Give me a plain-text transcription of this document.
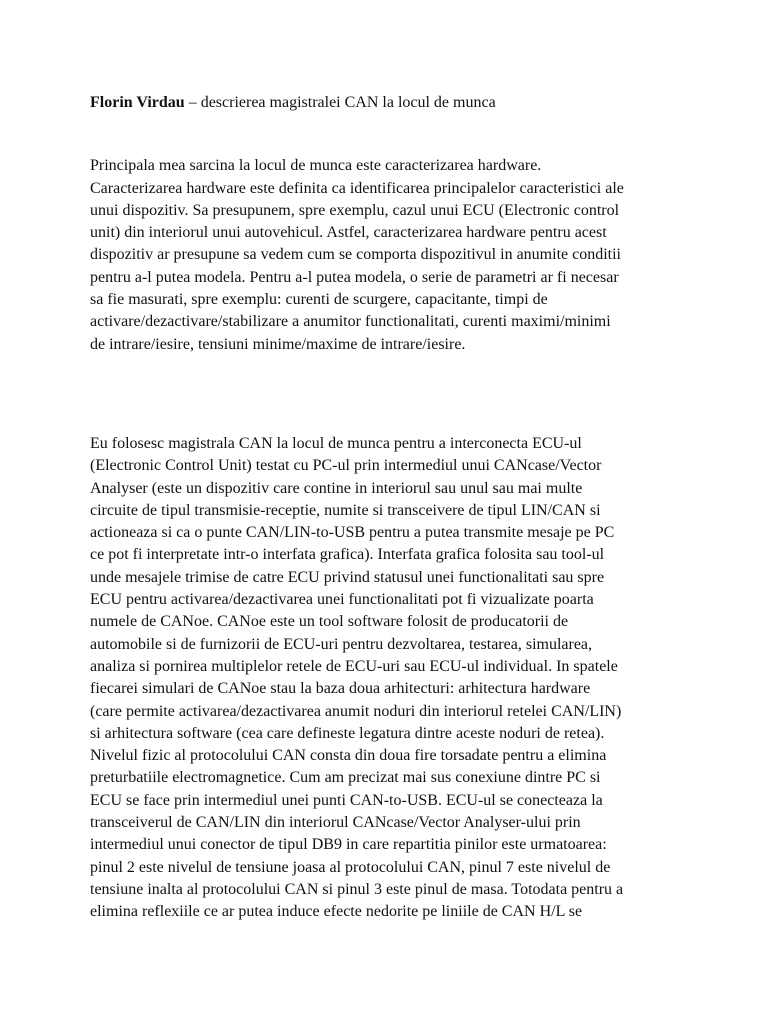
Florin Virdau – descrierea magistralei CAN la locul de munca

Principala mea sarcina la locul de munca este caracterizarea hardware.
Caracterizarea hardware este definita ca identificarea principalelor caracteristici ale
unui dispozitiv. Sa presupunem, spre exemplu, cazul unui ECU (Electronic control
unit) din interiorul unui autovehicul. Astfel, caracterizarea hardware pentru acest
dispozitiv ar presupune sa vedem cum se comporta dispozitivul in anumite conditii
pentru a-l putea modela. Pentru a-l putea modela, o serie de parametri ar fi necesar
sa fie masurati, spre exemplu: curenti de scurgere, capacitante, timpi de
activare/dezactivare/stabilizare a anumitor functionalitati, curenti maximi/minimi
de intrare/iesire, tensiuni minime/maxime de intrare/iesire.

Eu folosesc magistrala CAN la locul de munca pentru a interconecta ECU-ul
(Electronic Control Unit) testat cu PC-ul prin intermediul unui CANcase/Vector
Analyser (este un dispozitiv care contine in interiorul sau unul sau mai multe
circuite de tipul transmisie-receptie, numite si transceivere de tipul LIN/CAN si
actioneaza si ca o punte CAN/LIN-to-USB pentru a putea transmite mesaje pe PC
ce pot fi interpretate intr-o interfata grafica). Interfata grafica folosita sau tool-ul
unde mesajele trimise de catre ECU privind statusul unei functionalitati sau spre
ECU pentru activarea/dezactivarea unei functionalitati pot fi vizualizate poarta
numele de CANoe. CANoe este un tool software folosit de producatorii de
automobile si de furnizorii de ECU-uri pentru dezvoltarea, testarea, simularea,
analiza si pornirea multiplelor retele de ECU-uri sau ECU-ul individual. In spatele
fiecarei simulari de CANoe stau la baza doua arhitecturi: arhitectura hardware
(care permite activarea/dezactivarea anumit noduri din interiorul retelei CAN/LIN)
si arhitectura software (cea care defineste legatura dintre aceste noduri de retea).
Nivelul fizic al protocolului CAN consta din doua fire torsadate pentru a elimina
preturbatiile electromagnetice. Cum am precizat mai sus conexiune dintre PC si
ECU se face prin intermediul unei punti CAN-to-USB. ECU-ul se conecteaza la
transceiverul de CAN/LIN din interiorul CANcase/Vector Analyser-ului prin
intermediul unui conector de tipul DB9 in care repartitia pinilor este urmatoarea:
pinul 2 este nivelul de tensiune joasa al protocolului CAN, pinul 7 este nivelul de
tensiune inalta al protocolului CAN si pinul 3 este pinul de masa. Totodata pentru a
elimina reflexiile ce ar putea induce efecte nedorite pe liniile de CAN H/L se
